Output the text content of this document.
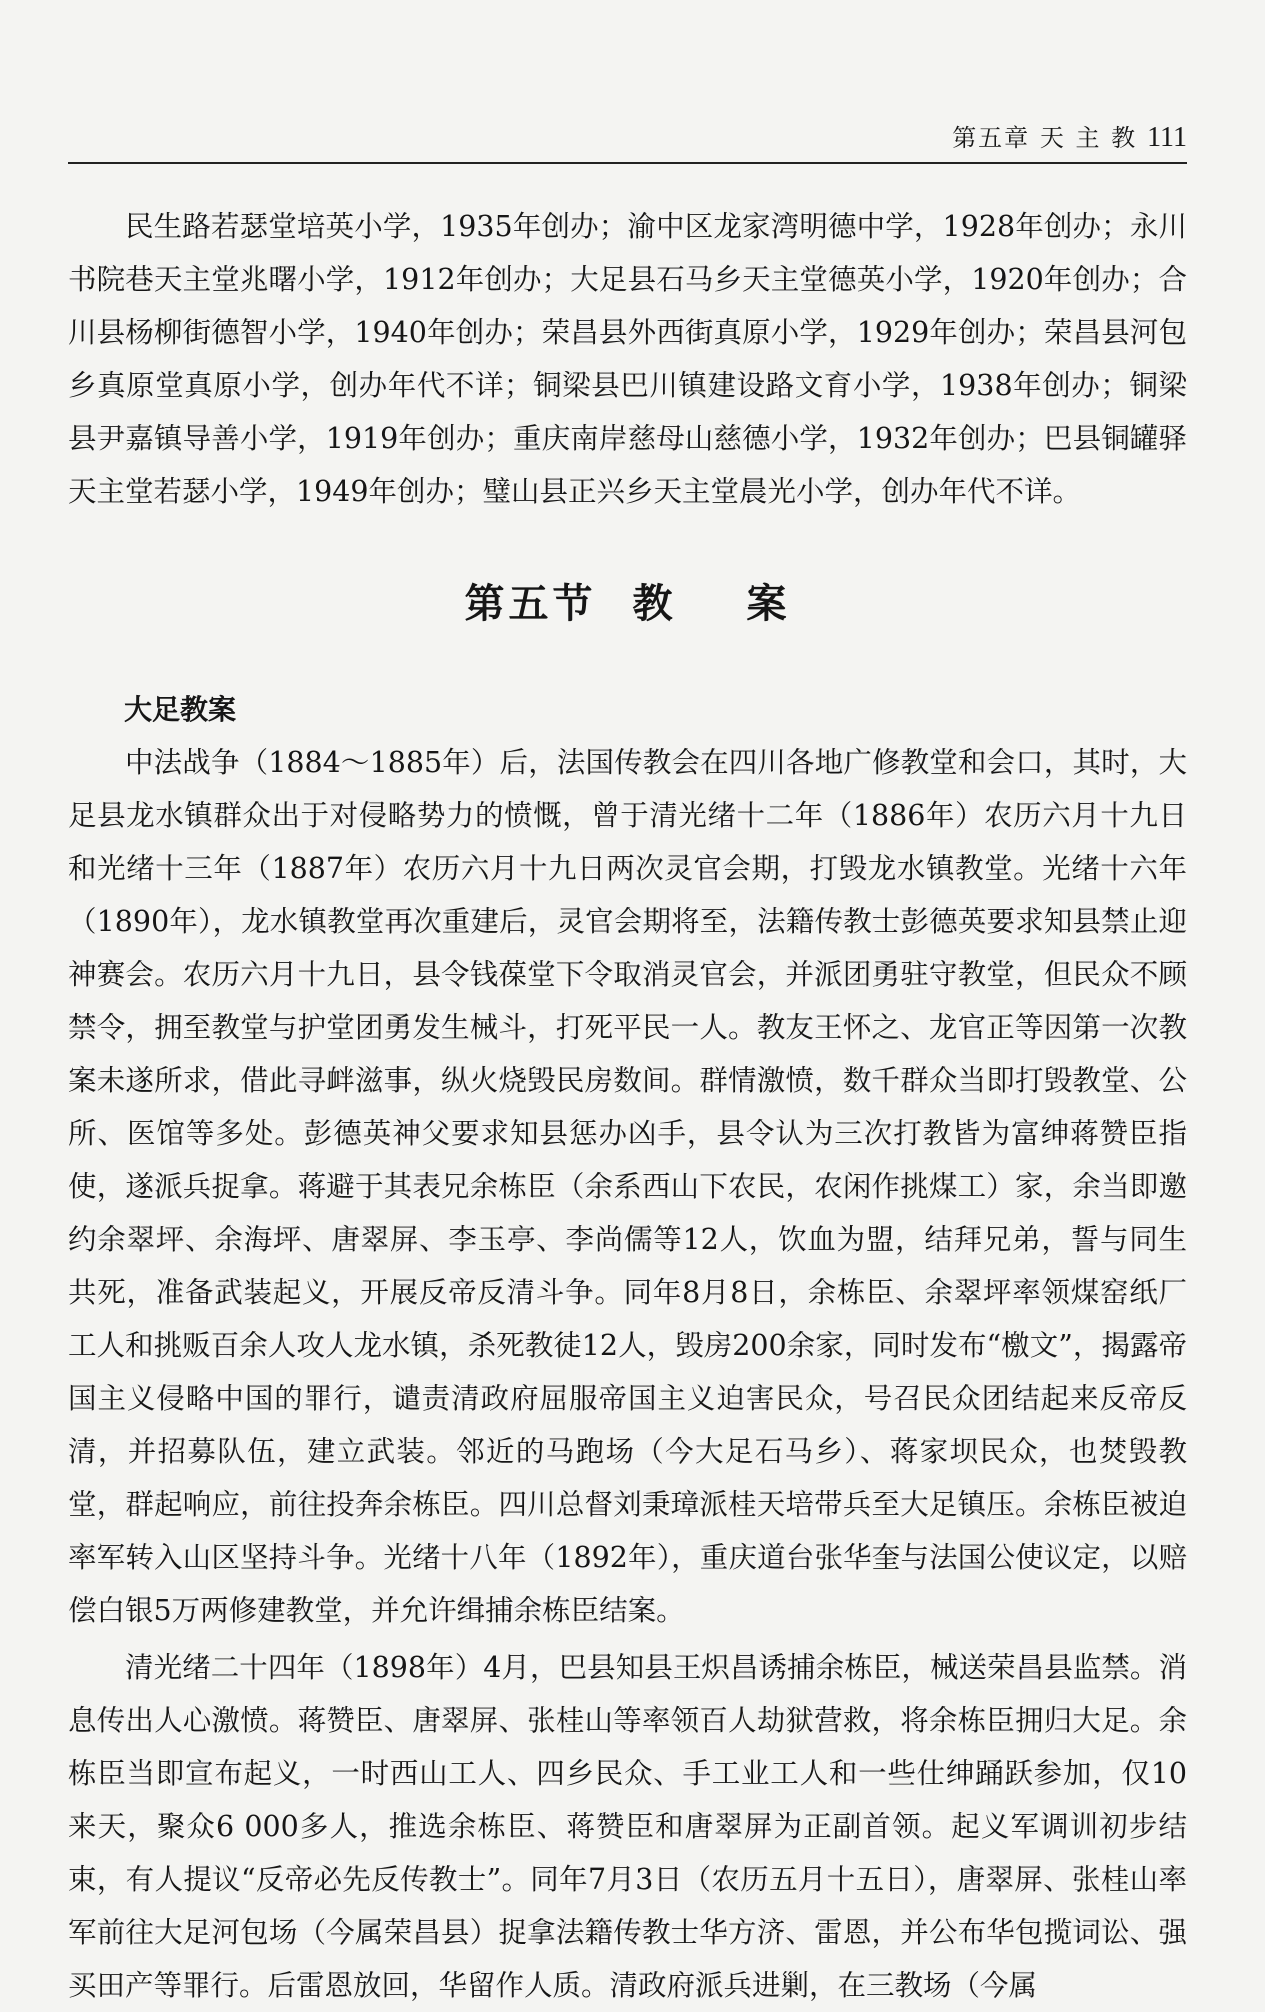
第五章 天 主 教 111

民生路若瑟堂培英小学，1935年创办；渝中区龙家湾明德中学，1928年创办；永川书院巷天主堂兆曙小学，1912年创办；大足县石马乡天主堂德英小学，1920年创办；合川县杨柳街德智小学，1940年创办；荣昌县外西街真原小学，1929年创办；荣昌县河包乡真原堂真原小学，创办年代不详；铜梁县巴川镇建设路文育小学，1938年创办；铜梁县尹嘉镇导善小学，1919年创办；重庆南岸慈母山慈德小学，1932年创办；巴县铜罐驿天主堂若瑟小学，1949年创办；璧山县正兴乡天主堂晨光小学，创办年代不详。

第五节 教 案
大足教案

中法战争（1884～1885年）后，法国传教会在四川各地广修教堂和会口，其时，大足县龙水镇群众出于对侵略势力的愤慨，曾于清光绪十二年（1886年）农历六月十九日和光绪十三年（1887年）农历六月十九日两次灵官会期，打毁龙水镇教堂。光绪十六年（1890年），龙水镇教堂再次重建后，灵官会期将至，法籍传教士彭德英要求知县禁止迎神赛会。农历六月十九日，县令钱葆堂下令取消灵官会，并派团勇驻守教堂，但民众不顾禁令，拥至教堂与护堂团勇发生械斗，打死平民一人。教友王怀之、龙官正等因第一次教案未遂所求，借此寻衅滋事，纵火烧毁民房数间。群情激愤，数千群众当即打毁教堂、公所、医馆等多处。彭德英神父要求知县惩办凶手，县令认为三次打教皆为富绅蒋赞臣指使，遂派兵捉拿。蒋避于其表兄余栋臣（余系西山下农民，农闲作挑煤工）家，余当即邀约余翠坪、余海坪、唐翠屏、李玉亭、李尚儒等12人，饮血为盟，结拜兄弟，誓与同生共死，准备武装起义，开展反帝反清斗争。同年8月8日，余栋臣、余翠坪率领煤窑纸厂工人和挑贩百余人攻人龙水镇，杀死教徒12人，毁房200余家，同时发布“檄文”，揭露帝国主义侵略中国的罪行，谴责清政府屈服帝国主义迫害民众，号召民众团结起来反帝反清，并招募队伍，建立武装。邻近的马跑场（今大足石马乡）、蒋家坝民众，也焚毁教堂，群起响应，前往投奔余栋臣。四川总督刘秉璋派桂天培带兵至大足镇压。余栋臣被迫率军转入山区坚持斗争。光绪十八年（1892年），重庆道台张华奎与法国公使议定，以赔偿白银5万两修建教堂，并允许缉捕余栋臣结案。

清光绪二十四年（1898年）4月，巴县知县王炽昌诱捕余栋臣，械送荣昌县监禁。消息传出人心激愤。蒋赞臣、唐翠屏、张桂山等率领百人劫狱营救，将余栋臣拥归大足。余栋臣当即宣布起义，一时西山工人、四乡民众、手工业工人和一些仕绅踊跃参加，仅10来天，聚众6 000多人，推选余栋臣、蒋赞臣和唐翠屏为正副首领。起义军调训初步结束，有人提议“反帝必先反传教士”。同年7月3日（农历五月十五日），唐翠屏、张桂山率军前往大足河包场（今属荣昌县）捉拿法籍传教士华方济、雷恩，并公布华包揽词讼、强买田产等罪行。后雷恩放回，华留作人质。清政府派兵进剿，在三教场（今属
